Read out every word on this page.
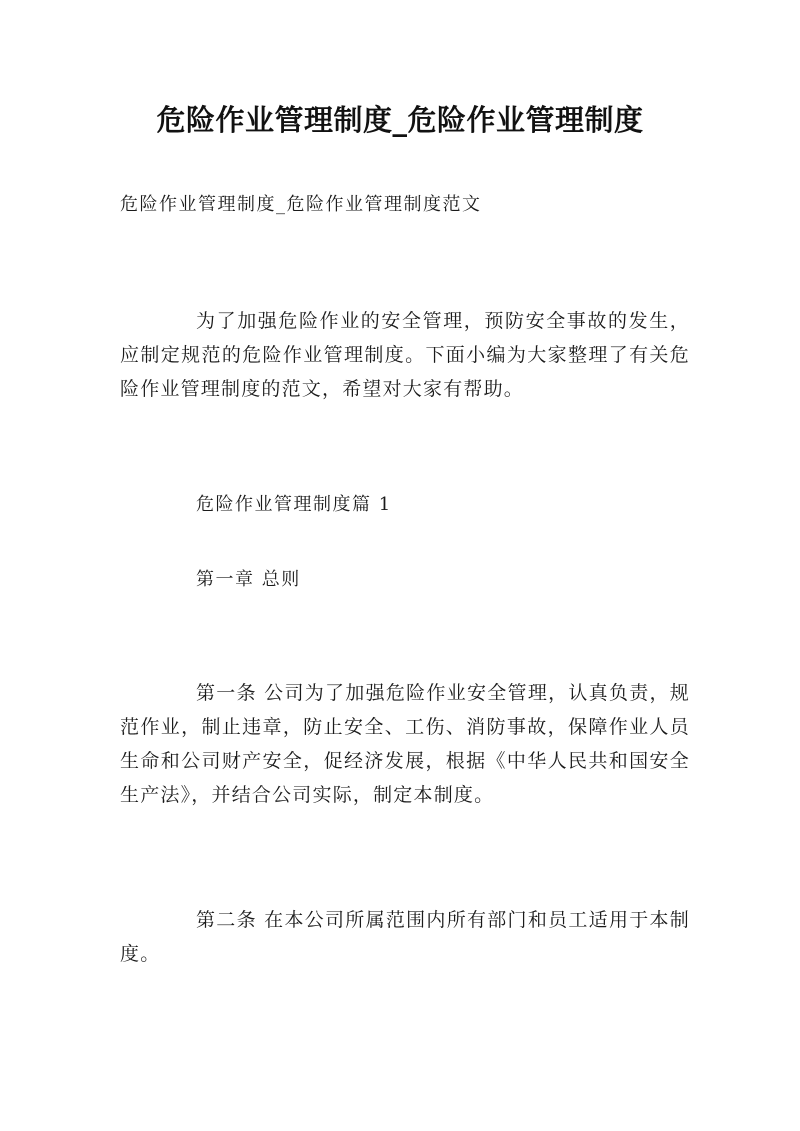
危险作业管理制度_危险作业管理制度

危险作业管理制度_危险作业管理制度范文

为了加强危险作业的安全管理，预防安全事故的发生，应制定规范的危险作业管理制度。下面小编为大家整理了有关危险作业管理制度的范文，希望对大家有帮助。

危险作业管理制度篇 1

第一章 总则

第一条 公司为了加强危险作业安全管理，认真负责，规范作业，制止违章，防止安全、工伤、消防事故，保障作业人员生命和公司财产安全，促经济发展，根据《中华人民共和国安全生产法》，并结合公司实际，制定本制度。

第二条 在本公司所属范围内所有部门和员工适用于本制度。
